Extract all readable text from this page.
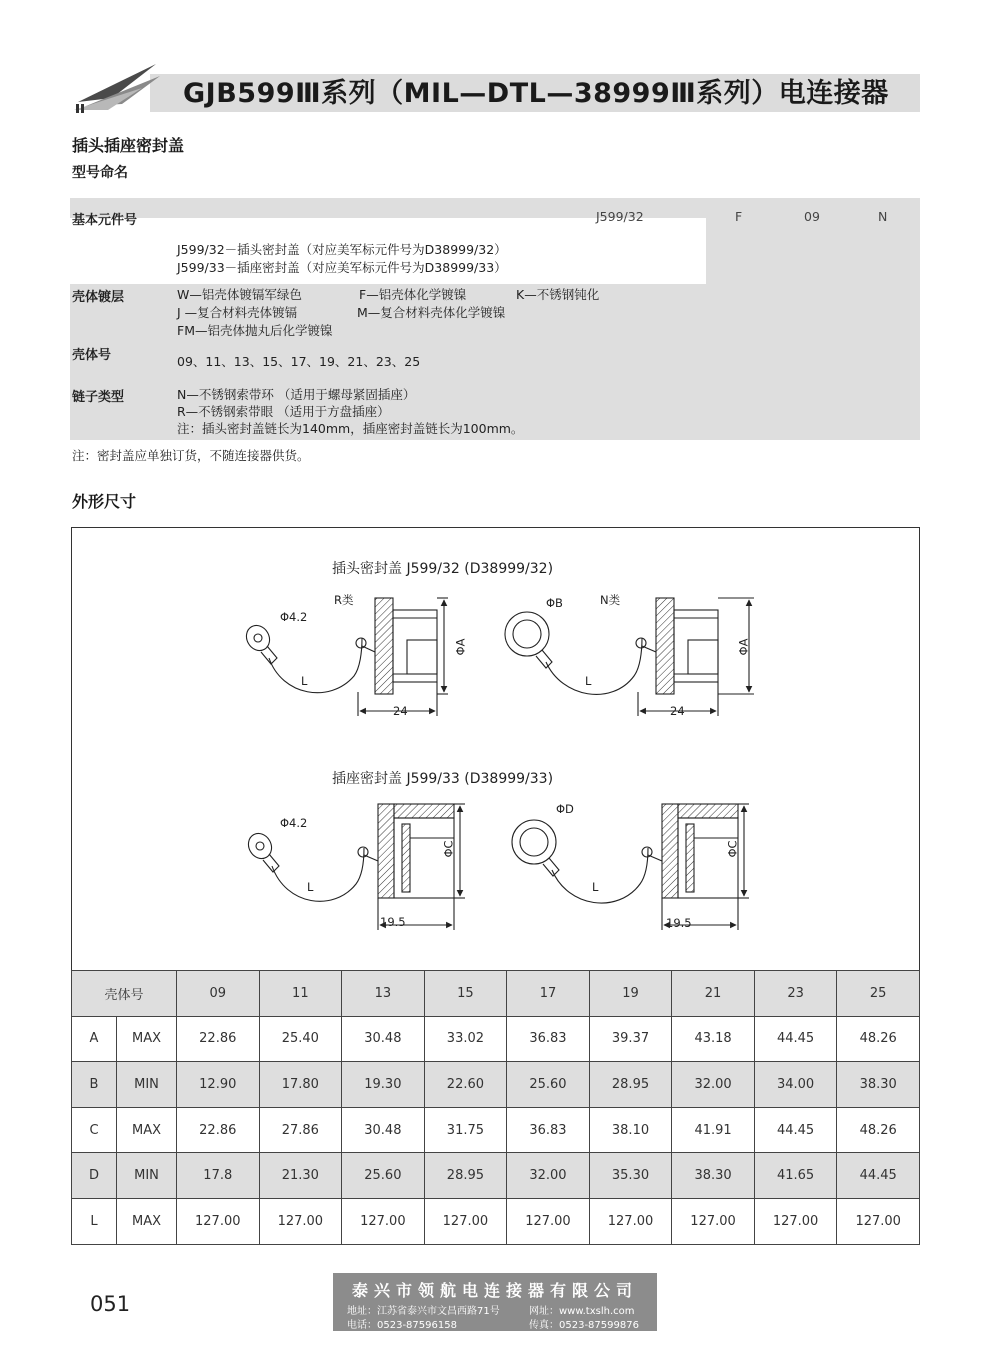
GJB599Ⅲ系列（MIL—DTL—38999Ⅲ系列）电连接器
插头插座密封盖
型号命名
基本元件号	J599/32	F	09	N
J599/32－插头密封盖（对应美军标元件号为D38999/32）
J599/33－插座密封盖（对应美军标元件号为D38999/33）
壳体镀层	W—铝壳体镀镉军绿色	F—铝壳体化学镀镍	K—不锈钢钝化
J —复合材料壳体镀镉	M—复合材料壳体化学镀镍
FM—铝壳体抛丸后化学镀镍
壳体号	09、11、13、15、17、19、21、23、25
链子类型	N—不锈钢索带环 （适用于螺母紧固插座）
R—不锈钢索带眼 （适用于方盘插座）
注：插头密封盖链长为140mm，插座密封盖链长为100mm。
注：密封盖应单独订货，不随连接器供货。
外形尺寸
插头密封盖 J599/32 (D38999/32)
R类	N类
Φ4.2
ΦB
L	L
24	24
ΦA	ΦA
插座密封盖 J599/33 (D38999/33)
Φ4.2
ΦD
L	L
19.5	19.5
ΦC	ΦC
壳体号		09	11	13	15	17	19	21	23	25
A	MAX	22.86	25.40	30.48	33.02	36.83	39.37	43.18	44.45	48.26
B	MIN	12.90	17.80	19.30	22.60	25.60	28.95	32.00	34.00	38.30
C	MAX	22.86	27.86	30.48	31.75	36.83	38.10	41.91	44.45	48.26
D	MIN	17.8	21.30	25.60	28.95	32.00	35.30	38.30	41.65	44.45
L	MAX	127.00	127.00	127.00	127.00	127.00	127.00	127.00	127.00	127.00
051
泰兴市领航电连接器有限公司
地址：江苏省泰兴市文昌西路71号	网址：www.txslh.com
电话：0523-87596158	传真：0523-87599876
